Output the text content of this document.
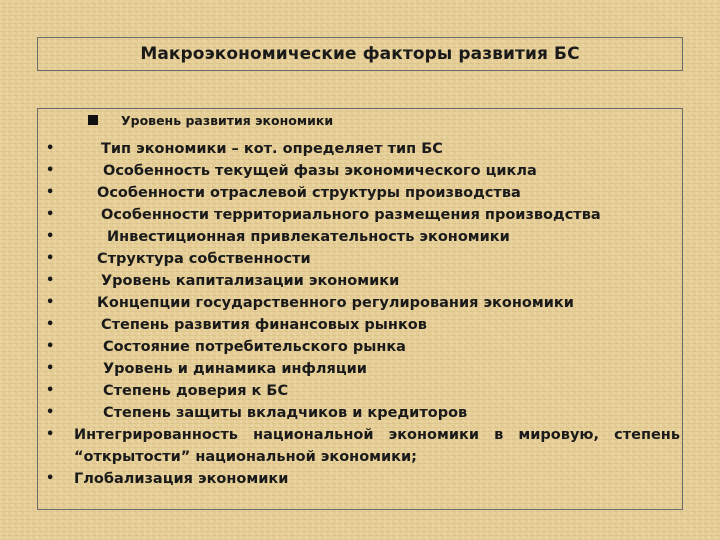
Макроэкономические факторы развития БС
Уровень развития экономики
•
•
•
•
•
•
•
•
•
•
•
•
•
•
•
Тип экономики – кот. определяет тип БС
Особенность текущей фазы экономического цикла
Особенности отраслевой структуры производства
Особенности территориального размещения производства
Инвестиционная привлекательность экономики
Структура собственности
Уровень капитализации экономики
Концепции государственного регулирования экономики
Степень развития финансовых рынков
Состояние потребительского рынка
Уровень и динамика инфляции
Степень доверия к БС
Степень защиты вкладчиков и кредиторов
Интегрированность национальной экономики в мировую, степень “открытости” национальной экономики;
Глобализация экономики
